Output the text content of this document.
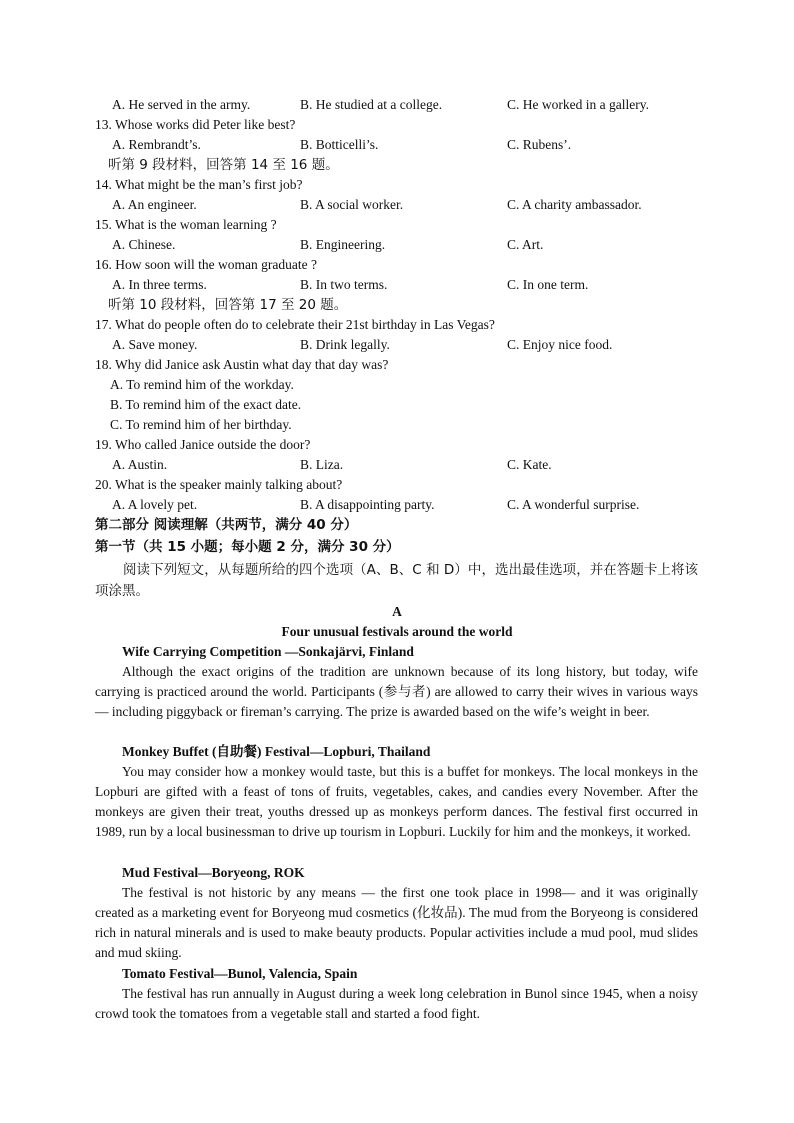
A. He served in the army.	B. He studied at a college.	C. He worked in a gallery.
13. Whose works did Peter like best?
A. Rembrandt’s.	B. Botticelli’s.	C. Rubens’.
听第 9 段材料，回答第 14 至 16 题。
14. What might be the man’s first job?
A. An engineer.	B. A social worker.	C. A charity ambassador.
15. What is the woman learning ?
A. Chinese.	B. Engineering.	C. Art.
16. How soon will the woman graduate ?
A. In three terms.	B. In two terms.	C. In one term.
听第 10 段材料，回答第 17 至 20 题。
17. What do people often do to celebrate their 21st birthday in Las Vegas?
A. Save money.	B. Drink legally.	C. Enjoy nice food.
18. Why did Janice ask Austin what day that day was?
A. To remind him of the workday.
B. To remind him of the exact date.
C. To remind him of her birthday.
19. Who called Janice outside the door?
A. Austin.	B. Liza.	C. Kate.
20. What is the speaker mainly talking about?
A. A lovely pet.	B. A disappointing party.	C. A wonderful surprise.
第二部分 阅读理解（共两节，满分 40 分）
第一节（共 15 小题；每小题 2 分，满分 30 分）
阅读下列短文，从每题所给的四个选项（A、B、C 和 D）中，选出最佳选项，并在答题卡上将该项涂黑。
A
Four unusual festivals around the world
Wife Carrying Competition —Sonkajärvi, Finland
Although the exact origins of the tradition are unknown because of its long history, but today, wife carrying is practiced around the world. Participants (参与者) are allowed to carry their wives in various ways— including piggyback or fireman’s carrying. The prize is awarded based on the wife’s weight in beer.
Monkey Buffet (自助餐) Festival—Lopburi, Thailand
You may consider how a monkey would taste, but this is a buffet for monkeys. The local monkeys in the Lopburi are gifted with a feast of tons of fruits, vegetables, cakes, and candies every November. After the monkeys are given their treat, youths dressed up as monkeys perform dances. The festival first occurred in 1989, run by a local businessman to drive up tourism in Lopburi. Luckily for him and the monkeys, it worked.
Mud Festival—Boryeong, ROK
The festival is not historic by any means — the first one took place in 1998— and it was originally created as a marketing event for Boryeong mud cosmetics (化妆品). The mud from the Boryeong is considered rich in natural minerals and is used to make beauty products. Popular activities include a mud pool, mud slides and mud skiing.
Tomato Festival—Bunol, Valencia, Spain
The festival has run annually in August during a week long celebration in Bunol since 1945, when a noisy crowd took the tomatoes from a vegetable stall and started a food fight.
